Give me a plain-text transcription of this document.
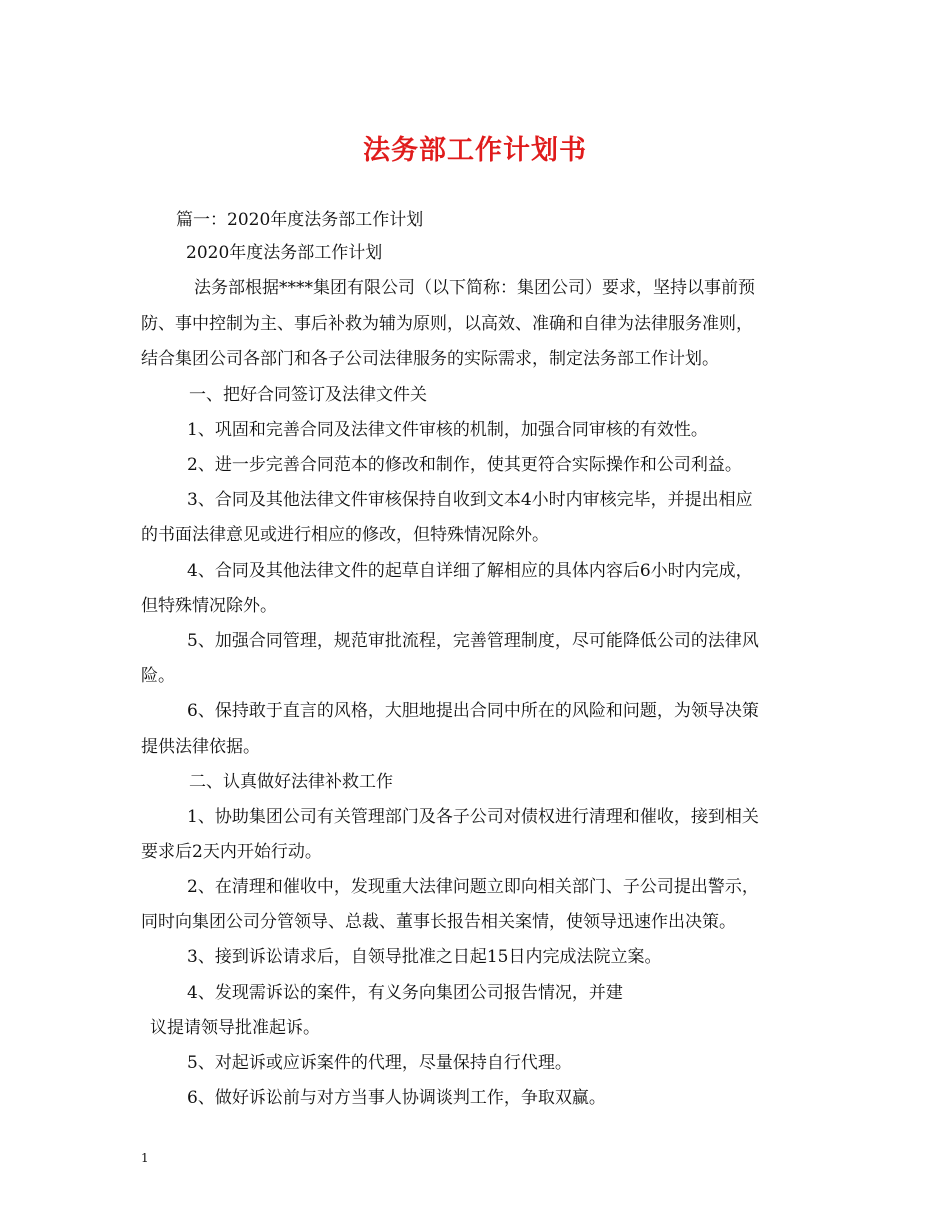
法务部工作计划书
篇一：2020年度法务部工作计划
2020年度法务部工作计划
法务部根据****集团有限公司（以下简称：集团公司）要求，坚持以事前预
防、事中控制为主、事后补救为辅为原则，以高效、准确和自律为法律服务准则，
结合集团公司各部门和各子公司法律服务的实际需求，制定法务部工作计划。
一、把好合同签订及法律文件关
1、巩固和完善合同及法律文件审核的机制，加强合同审核的有效性。
2、进一步完善合同范本的修改和制作，使其更符合实际操作和公司利益。
3、合同及其他法律文件审核保持自收到文本4小时内审核完毕，并提出相应
的书面法律意见或进行相应的修改，但特殊情况除外。
4、合同及其他法律文件的起草自详细了解相应的具体内容后6小时内完成，
但特殊情况除外。
5、加强合同管理，规范审批流程，完善管理制度，尽可能降低公司的法律风
险。
6、保持敢于直言的风格，大胆地提出合同中所在的风险和问题，为领导决策
提供法律依据。
二、认真做好法律补救工作
1、协助集团公司有关管理部门及各子公司对债权进行清理和催收，接到相关
要求后2天内开始行动。
2、在清理和催收中，发现重大法律问题立即向相关部门、子公司提出警示，
同时向集团公司分管领导、总裁、董事长报告相关案情，使领导迅速作出决策。
3、接到诉讼请求后，自领导批准之日起15日内完成法院立案。
4、发现需诉讼的案件，有义务向集团公司报告情况，并建
议提请领导批准起诉。
5、对起诉或应诉案件的代理，尽量保持自行代理。
6、做好诉讼前与对方当事人协调谈判工作，争取双赢。
1
